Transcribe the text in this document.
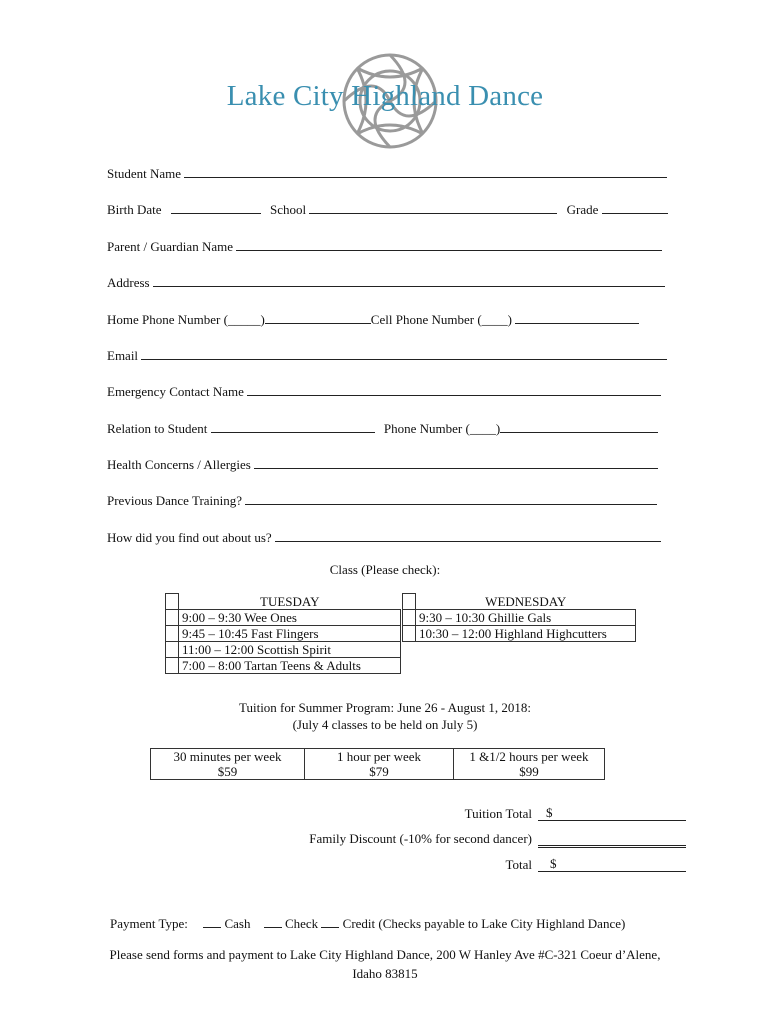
Lake City Highland Dance
Student Name
Birth Date	School	Grade
Parent / Guardian Name
Address
Home Phone Number (_____)	Cell Phone Number (____)
Email
Emergency Contact Name
Relation to Student	Phone Number (____)
Health Concerns / Allergies
Previous Dance Training?
How did you find out about us?
Class (Please check):
	TUESDAY
	9:00 – 9:30 Wee Ones
	9:45 – 10:45 Fast Flingers
	11:00 – 12:00 Scottish Spirit
	7:00 – 8:00 Tartan Teens & Adults
	WEDNESDAY
	9:30 – 10:30 Ghillie Gals
	10:30 – 12:00 Highland Highcutters
Tuition for Summer Program: June 26 - August 1, 2018:
(July 4 classes to be held on July 5)
30 minutes per week
$59

1 hour per week
$79

1 &1/2 hours per week
$99
Tuition Total	$
Family Discount (-10% for second dancer)
Total	$
Payment Type:	Cash	Check Credit (Checks payable to Lake City Highland Dance)
Please send forms and payment to Lake City Highland Dance, 200 W Hanley Ave #C-321 Coeur d’Alene,
Idaho 83815
